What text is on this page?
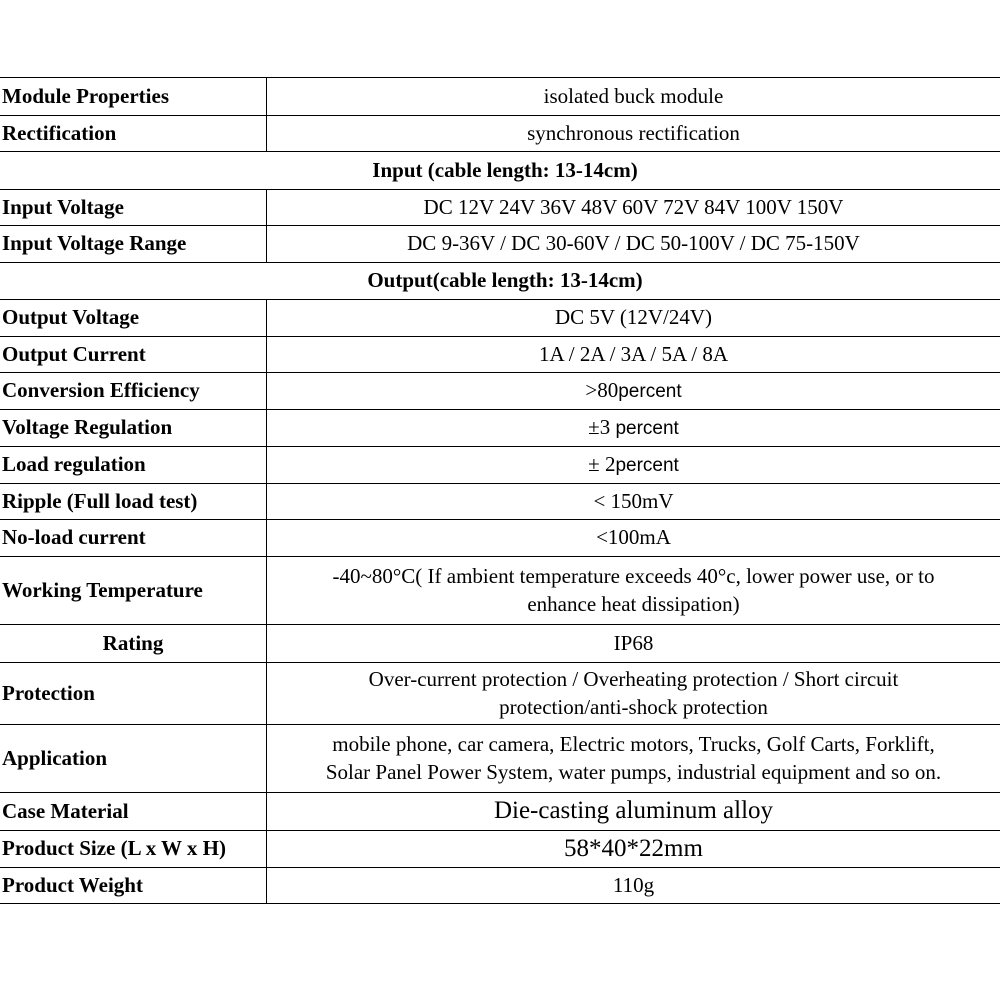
Module Properties	isolated buck module
Rectification	synchronous rectification
Input (cable length: 13-14cm)	
Input Voltage	DC 12V 24V 36V 48V 60V 72V 84V 100V 150V
Input Voltage Range	DC 9-36V / DC 30-60V / DC 50-100V / DC 75-150V
Output(cable length: 13-14cm)	
Output Voltage	DC 5V (12V/24V)
Output Current	1A / 2A / 3A / 5A / 8A
Conversion Efficiency	>80percent
Voltage Regulation	±3 percent
Load regulation	± 2percent
Ripple (Full load test)	< 150mV
No-load current	<100mA
Working Temperature	-40~80°C( If ambient temperature exceeds 40°c, lower power use, or to
enhance heat dissipation)

Rating	IP68
Protection	Over-current protection / Overheating protection / Short circuit
protection/anti-shock protection

Application	mobile phone, car camera, Electric motors, Trucks, Golf Carts, Forklift,
Solar Panel Power System, water pumps, industrial equipment and so on.

Case Material	Die-casting aluminum alloy
Product Size (L x W x H)	58*40*22mm
Product Weight	110g
